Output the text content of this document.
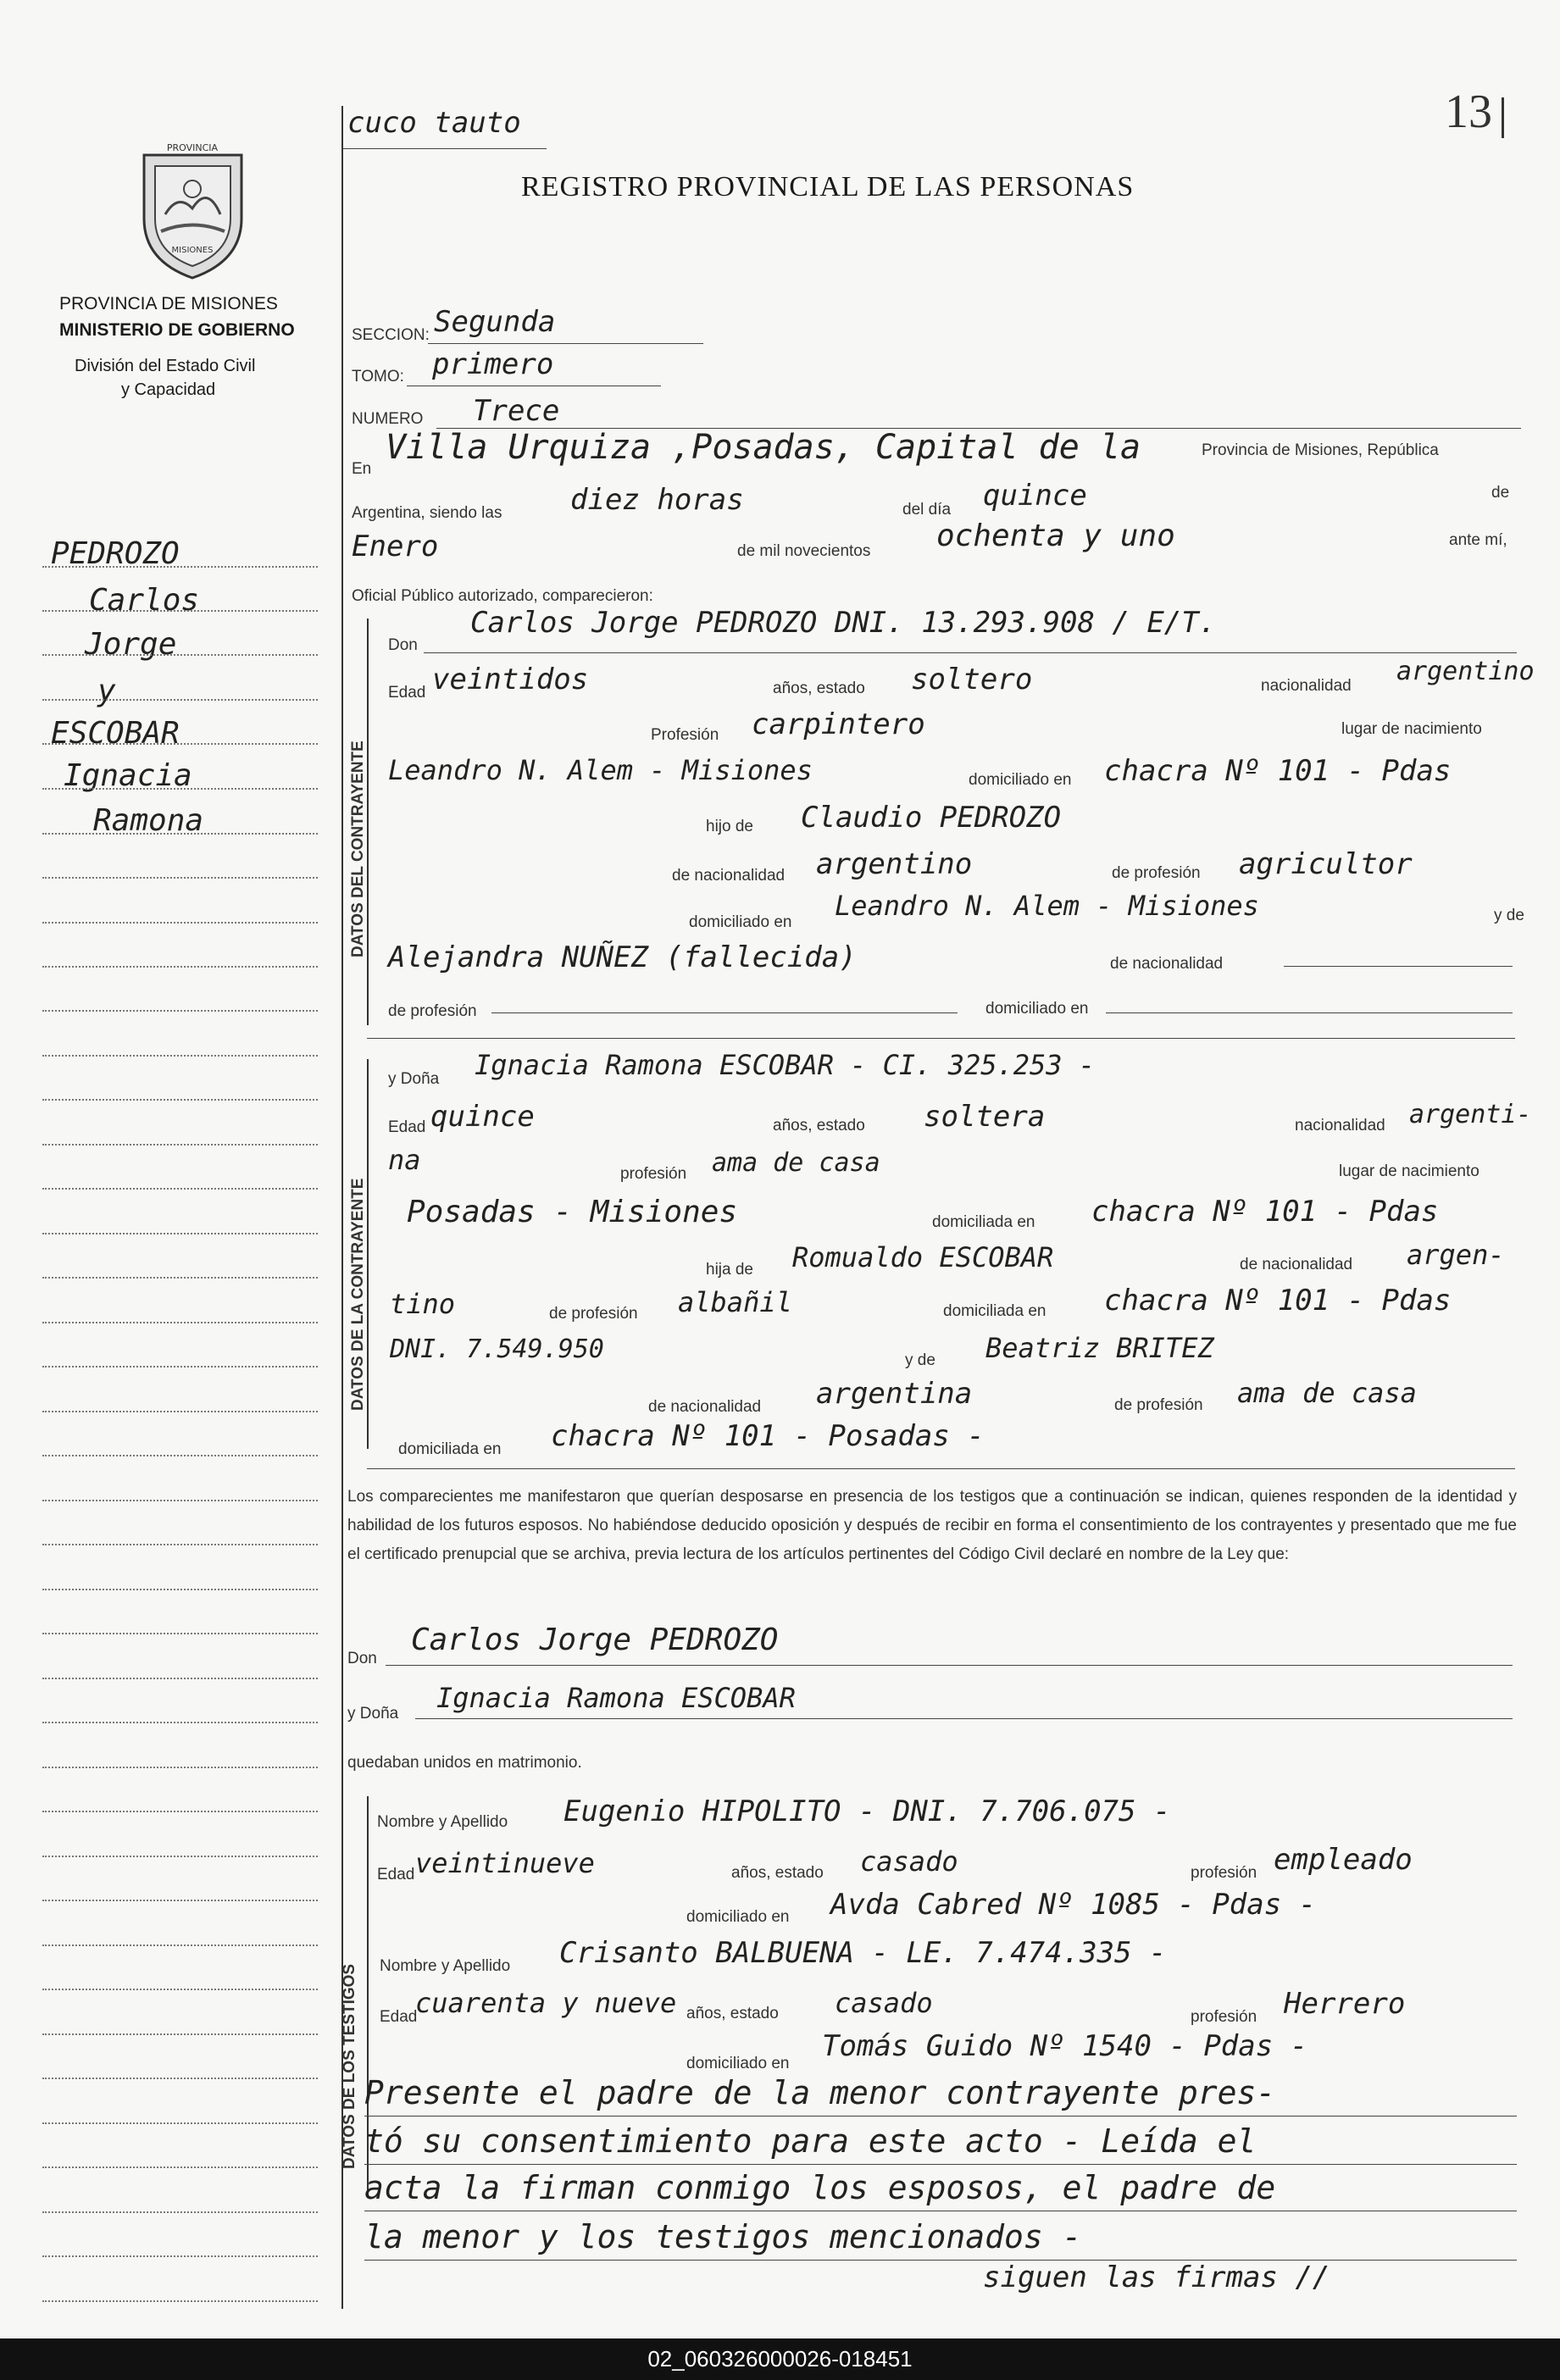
13
cuco tauto
REGISTRO PROVINCIAL DE LAS PERSONAS
PROVINCIA
MISIONES
PROVINCIA DE MISIONES
MINISTERIO DE GOBIERNO
División del Estado Civil
y Capacidad
PEDROZO
Carlos
Jorge
y
ESCOBAR
Ignacia
Ramona
SECCION: Segunda
TOMO: primero
NUMERO Trece
En
Villa Urquiza ,Posadas, Capital de la	Provincia de Misiones, República
Argentina, siendo las diez horas	del día quince	de
Enero	de mil novecientos ochenta y uno	ante mí,
Oficial Público autorizado, comparecieron:
DATOS DEL CONTRAYENTE
Don
Carlos Jorge PEDROZO DNI. 13.293.908 / E/T.
Edad veintidos	años, estado soltero	nacionalidad argentino
Profesión carpintero	lugar de nacimiento
Leandro N. Alem - Misiones	domiciliado en chacra Nº 101 - Pdas
hijo de Claudio PEDROZO
de nacionalidad argentino	de profesión agricultor
domiciliado en
Leandro N. Alem - Misiones	y de
Alejandra NUÑEZ (fallecida)	de nacionalidad
de profesión	domiciliado en
DATOS DE LA CONTRAYENTE
y Doña Ignacia Ramona ESCOBAR - CI. 325.253 -
Edad quince	años, estado soltera	nacionalidad argenti-
na	profesión ama de casa	lugar de nacimiento
Posadas - Misiones	domiciliada en chacra Nº 101 - Pdas
hija de Romualdo ESCOBAR	de nacionalidad argen-
tino	de profesión albañil	domiciliada en chacra Nº 101 - Pdas
DNI. 7.549.950	y de Beatriz BRITEZ
de nacionalidad argentina	de profesión ama de casa
domiciliada en chacra Nº 101 - Posadas -
Los comparecientes me manifestaron que querían desposarse en presencia de los testigos que a continuación se indican, quienes responden de la identidad y habilidad de los futuros esposos. No habiéndose deducido oposición y después de recibir en forma el consentimiento de los contrayentes y presentado que me fue el certificado prenupcial que se archiva, previa lectura de los artículos pertinentes del Código Civil declaré en nombre de la Ley que:
Don
Carlos Jorge PEDROZO
y Doña Ignacia Ramona ESCOBAR
quedaban unidos en matrimonio.
DATOS DE LOS TESTIGOS
Nombre y Apellido Eugenio HIPOLITO - DNI. 7.706.075 -
Edad veintinueve	años, estado casado	profesión empleado
domiciliado en Avda Cabred Nº 1085 - Pdas -
Nombre y Apellido Crisanto BALBUENA - LE. 7.474.335 -
Edad
cuarenta y nueve años, estado casado	profesión Herrero
domiciliado en
Tomás Guido Nº 1540 - Pdas -
Presente el padre de la menor contrayente pres-
tó su consentimiento para este acto - Leída el
acta la firman conmigo los esposos, el padre de
la menor y los testigos mencionados -
siguen las firmas //
02_060326000026-018451
